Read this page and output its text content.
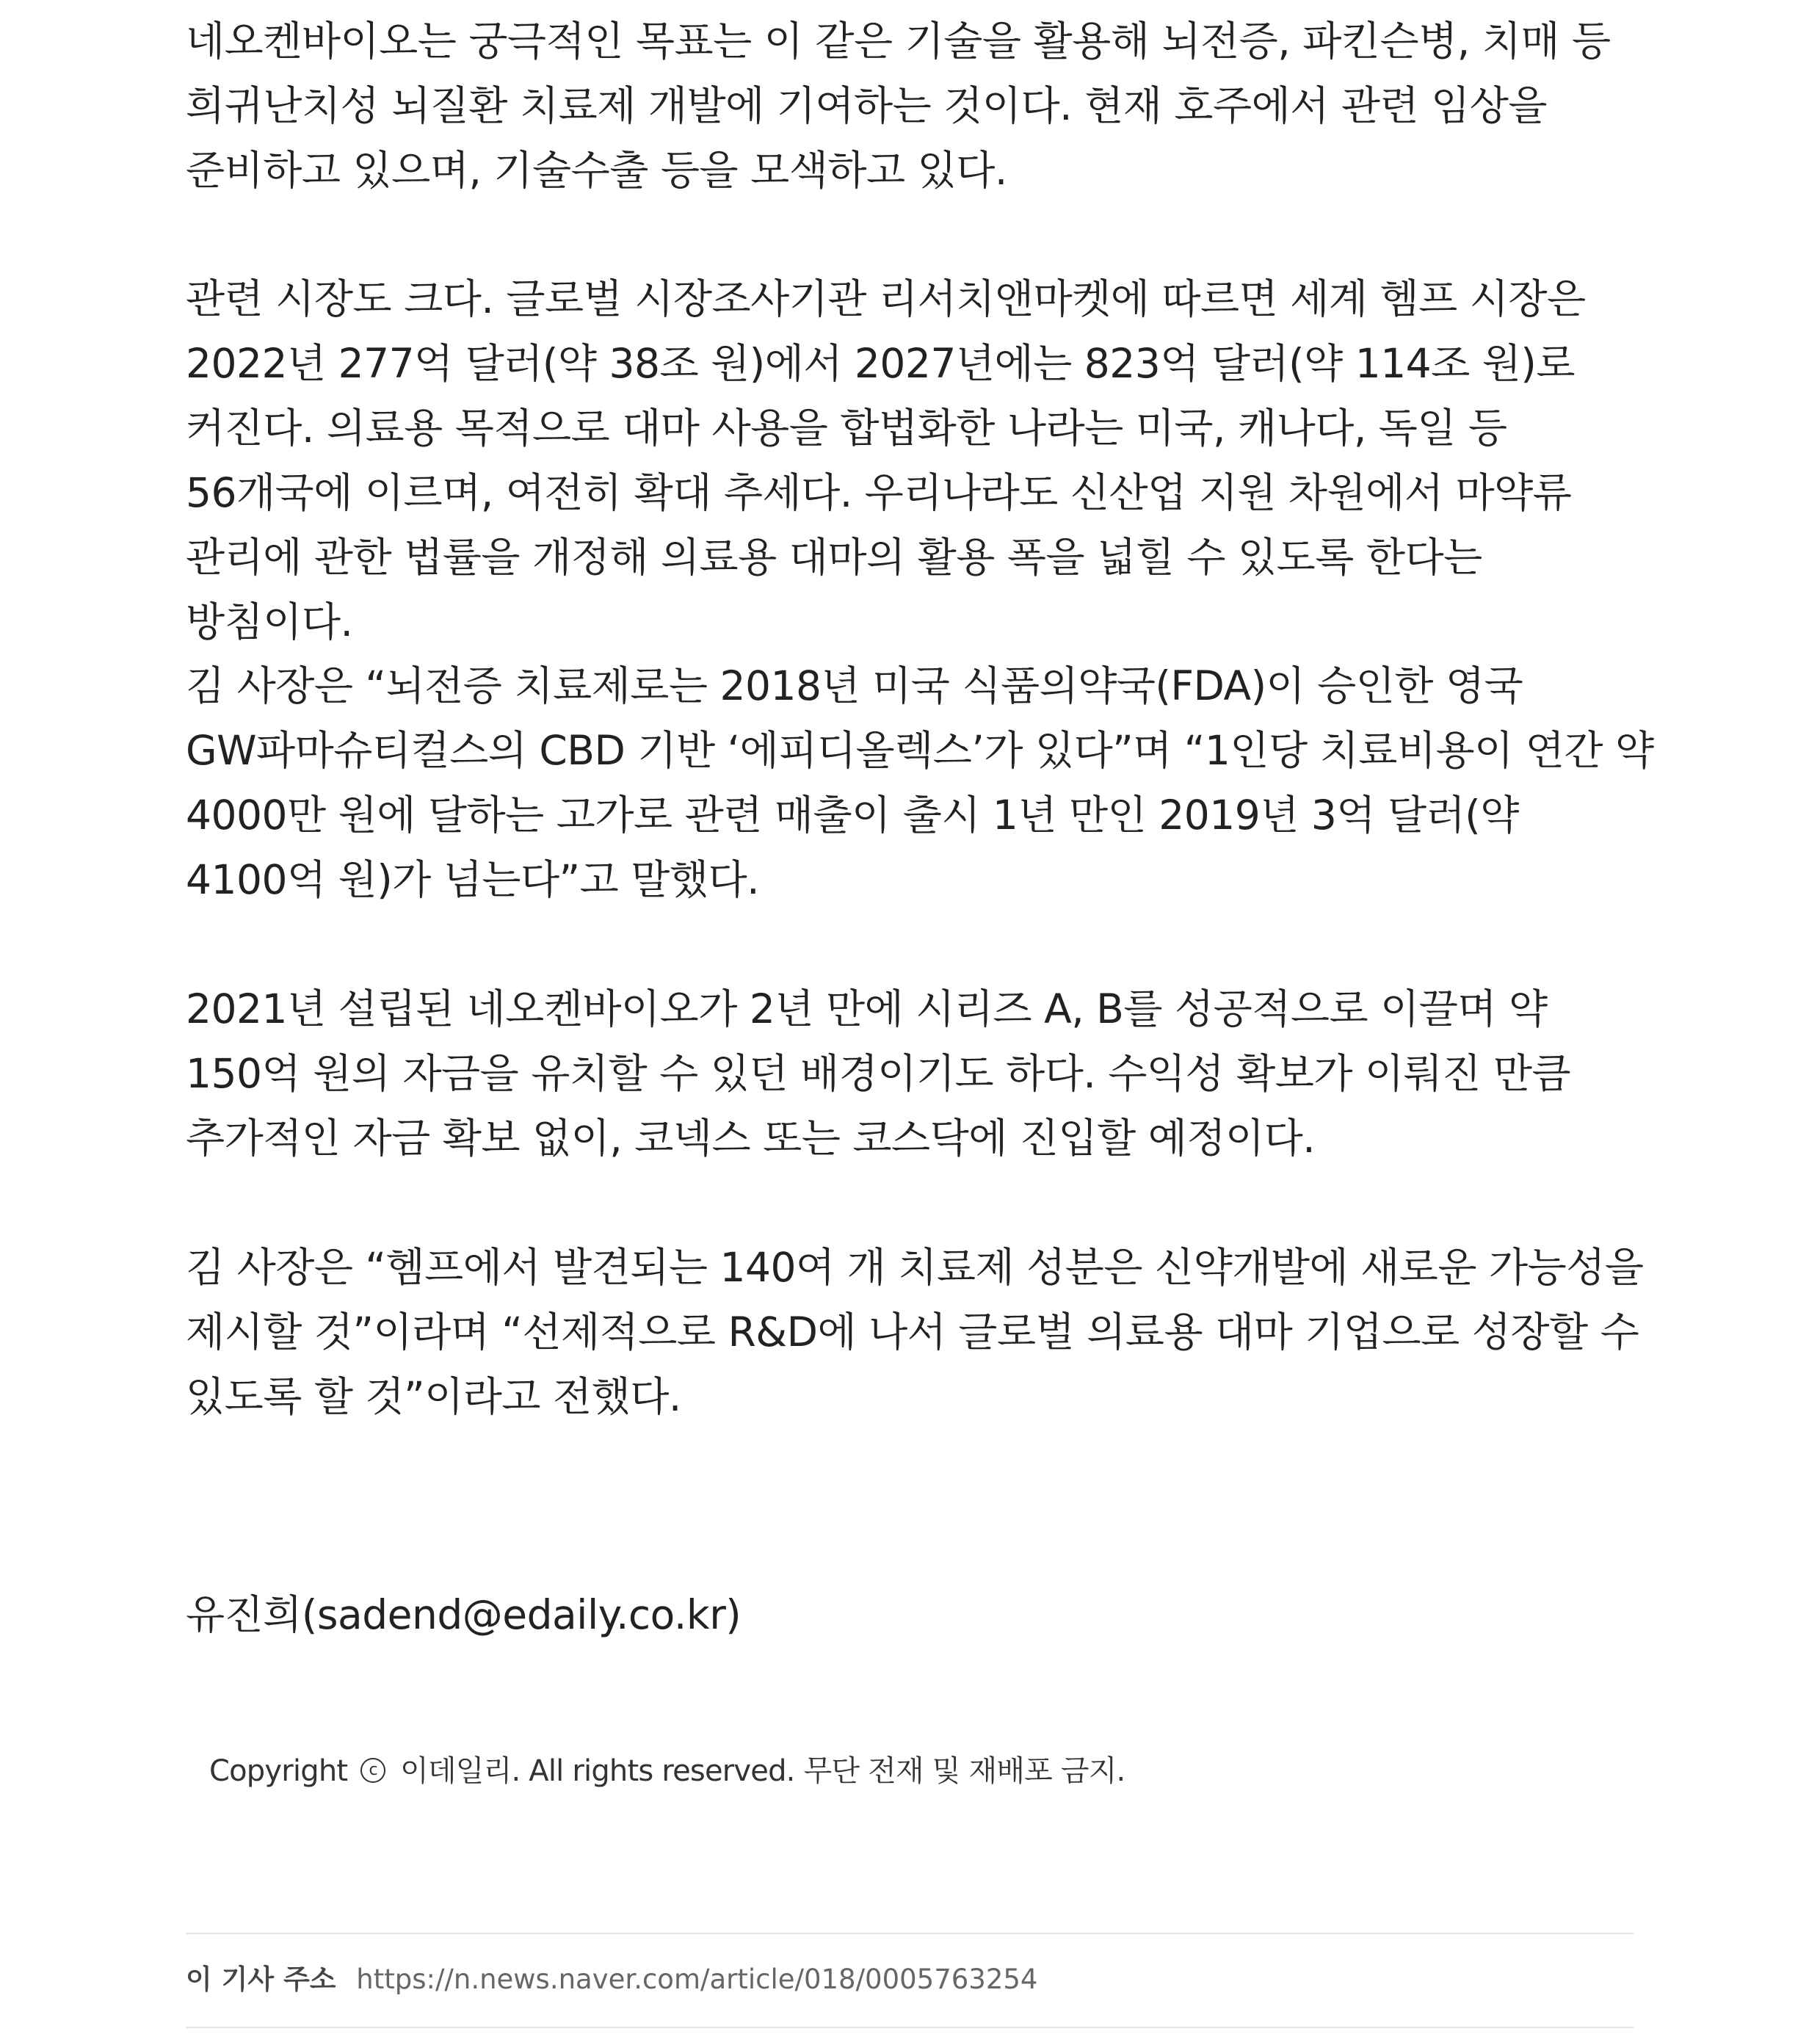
네오켄바이오는 궁극적인 목표는 이 같은 기술을 활용해 뇌전증, 파킨슨병, 치매 등 희귀난치성 뇌질환 치료제 개발에 기여하는 것이다. 현재 호주에서 관련 임상을 준비하고 있으며, 기술수출 등을 모색하고 있다.

관련 시장도 크다. 글로벌 시장조사기관 리서치앤마켓에 따르면 세계 헴프 시장은 2022년 277억 달러(약 38조 원)에서 2027년에는 823억 달러(약 114조 원)로 커진다. 의료용 목적으로 대마 사용을 합법화한 나라는 미국, 캐나다, 독일 등 56개국에 이르며, 여전히 확대 추세다. 우리나라도 신산업 지원 차원에서 마약류 관리에 관한 법률을 개정해 의료용 대마의 활용 폭을 넓힐 수 있도록 한다는 방침이다.

김 사장은 “뇌전증 치료제로는 2018년 미국 식품의약국(FDA)이 승인한 영국 GW파마슈티컬스의 CBD 기반 ‘에피디올렉스’가 있다”며 “1인당 치료비용이 연간 약 4000만 원에 달하는 고가로 관련 매출이 출시 1년 만인 2019년 3억 달러(약 4100억 원)가 넘는다”고 말했다.

2021년 설립된 네오켄바이오가 2년 만에 시리즈 A, B를 성공적으로 이끌며 약 150억 원의 자금을 유치할 수 있던 배경이기도 하다. 수익성 확보가 이뤄진 만큼 추가적인 자금 확보 없이, 코넥스 또는 코스닥에 진입할 예정이다.

김 사장은 “헴프에서 발견되는 140여 개 치료제 성분은 신약개발에 새로운 가능성을 제시할 것”이라며 “선제적으로 R&D에 나서 글로벌 의료용 대마 기업으로 성장할 수 있도록 할 것”이라고 전했다.

유진희(sadend@edaily.co.kr)
Copyright c 이데일리. All rights reserved. 무단 전재 및 재배포 금지.
이 기사 주소 https://n.news.naver.com/article/018/0005763254
